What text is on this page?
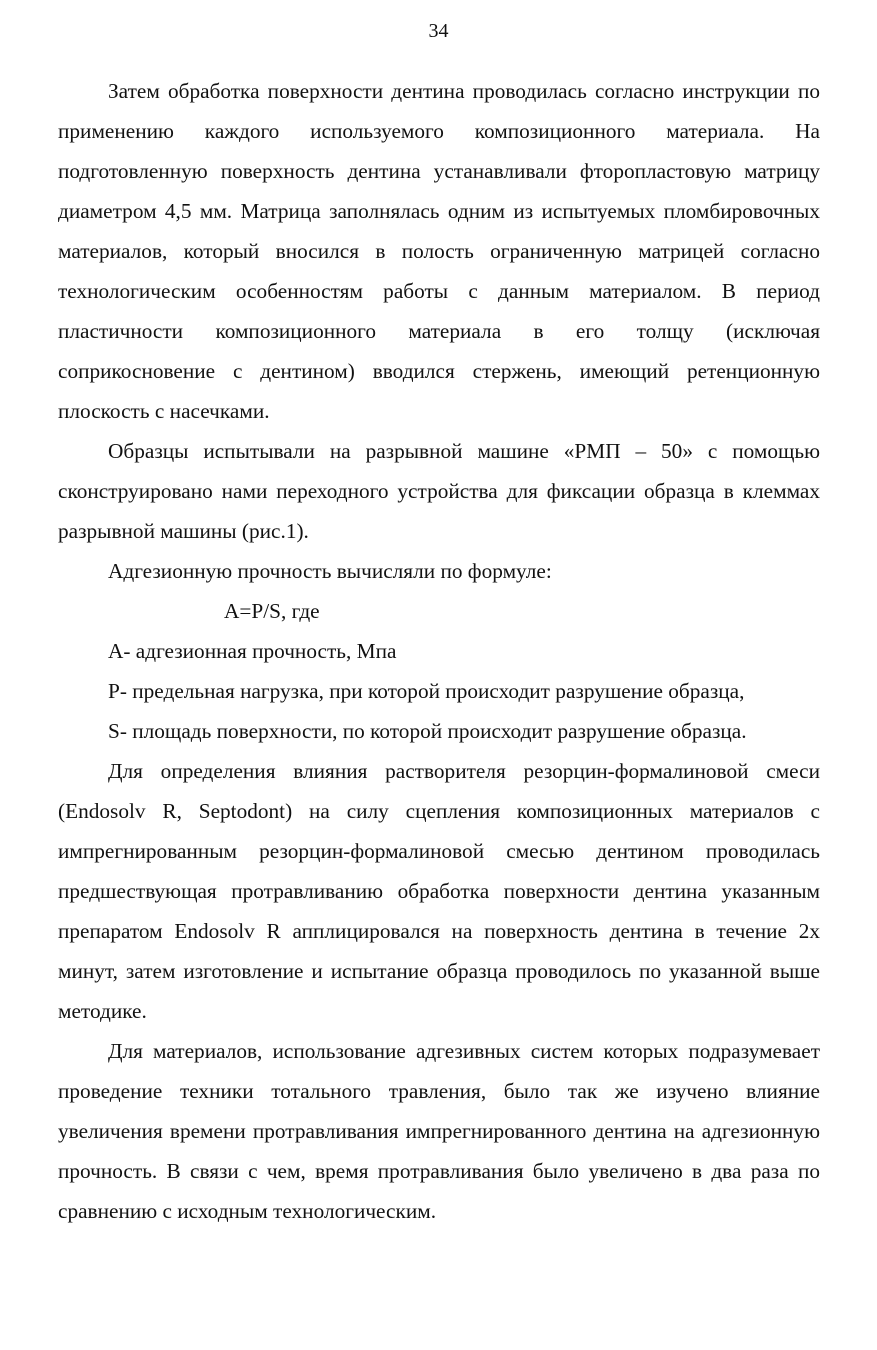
34

Затем обработка поверхности дентина проводилась согласно инструкции по применению каждого используемого композиционного материала. На подготовленную поверхность дентина устанавливали фторопластовую матрицу диаметром 4,5 мм. Матрица заполнялась одним из испытуемых пломбировочных материалов, который вносился в полость ограниченную матрицей согласно технологическим особенностям работы с данным материалом. В период пластичности композиционного материала в его толщу (исключая соприкосновение с дентином) вводился стержень, имеющий ретенционную плоскость с насечками.

Образцы испытывали на разрывной машине «РМП – 50» с помощью сконструировано нами переходного устройства для фиксации образца в клеммах разрывной машины (рис.1).

Адгезионную прочность вычисляли по формуле:

A=P/S, где

А- адгезионная прочность, Мпа

Р- предельная нагрузка, при которой происходит разрушение образца,

S- площадь поверхности, по которой происходит разрушение образца.

Для определения влияния растворителя резорцин-формалиновой смеси (Endosolv R, Septodont) на силу сцепления композиционных материалов с импрегнированным резорцин-формалиновой смесью дентином проводилась предшествующая протравливанию обработка поверхности дентина указанным препаратом Endosolv R апплицировался на поверхность дентина в течение 2х минут, затем изготовление и испытание образца проводилось по указанной выше методике.

Для материалов, использование адгезивных систем которых подразумевает проведение техники тотального травления, было так же изучено влияние увеличения времени протравливания импрегнированного дентина на адгезионную прочность. В связи с чем, время протравливания было увеличено в два раза по сравнению с исходным технологическим.
